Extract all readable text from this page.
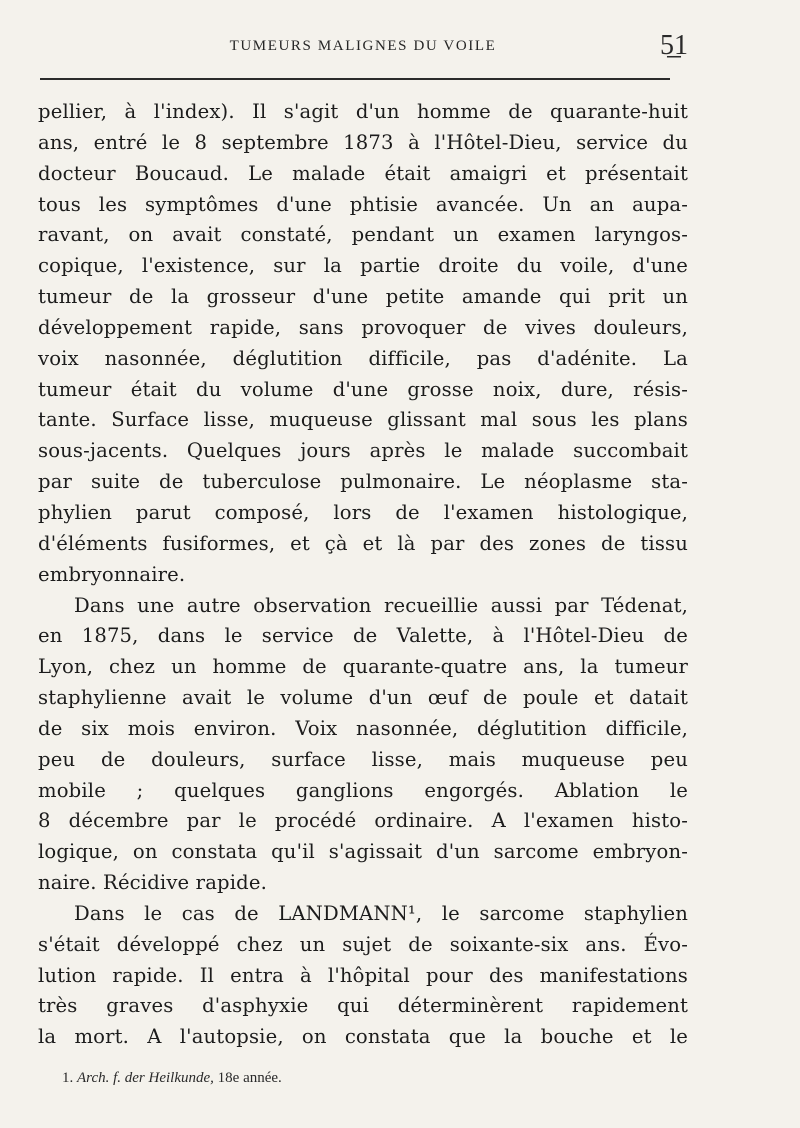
TUMEURS MALIGNES DU VOILE	5̲1
pellier, à l'index). Il s'agit d'un homme de quarante-huit
ans, entré le 8 septembre 1873 à l'Hôtel-Dieu, service du
docteur Boucaud. Le malade était amaigri et présentait
tous les symptômes d'une phtisie avancée. Un an aupa-
ravant, on avait constaté, pendant un examen laryngos-
copique, l'existence, sur la partie droite du voile, d'une
tumeur de la grosseur d'une petite amande qui prit un
développement rapide, sans provoquer de vives douleurs,
voix nasonnée, déglutition difficile, pas d'adénite. La
tumeur était du volume d'une grosse noix, dure, résis-
tante. Surface lisse, muqueuse glissant mal sous les plans
sous-jacents. Quelques jours après le malade succombait
par suite de tuberculose pulmonaire. Le néoplasme sta-
phylien parut composé, lors de l'examen histologique,
d'éléments fusiformes, et çà et là par des zones de tissu
embryonnaire.
Dans une autre observation recueillie aussi par Tédenat,
en 1875, dans le service de Valette, à l'Hôtel-Dieu de
Lyon, chez un homme de quarante-quatre ans, la tumeur
staphylienne avait le volume d'un œuf de poule et datait
de six mois environ. Voix nasonnée, déglutition difficile,
peu de douleurs, surface lisse, mais muqueuse peu
mobile ; quelques ganglions engorgés. Ablation le
8 décembre par le procédé ordinaire. A l'examen histo-
logique, on constata qu'il s'agissait d'un sarcome embryon-
naire. Récidive rapide.
Dans le cas de LANDMANN¹, le sarcome staphylien
s'était développé chez un sujet de soixante-six ans. Évo-
lution rapide. Il entra à l'hôpital pour des manifestations
très graves d'asphyxie qui déterminèrent rapidement
la mort. A l'autopsie, on constata que la bouche et le
1. Arch. f. der Heilkunde, 18e année.
